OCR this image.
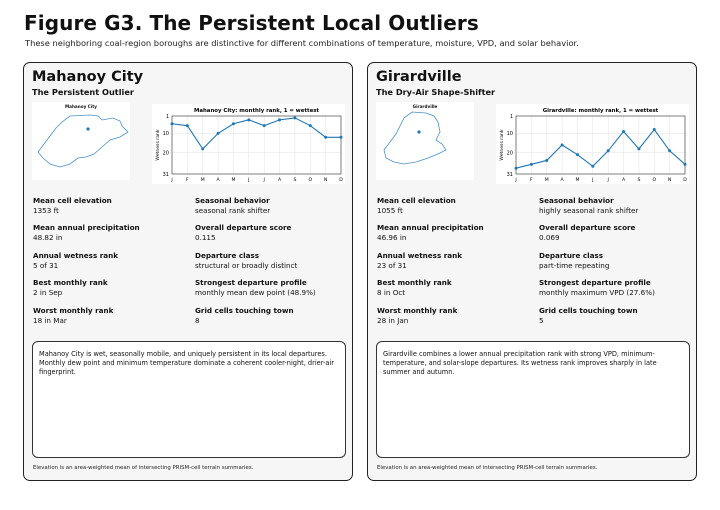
Figure G3. The Persistent Local Outliers
These neighboring coal-region boroughs are distinctive for different combinations of temperature, moisture, VPD, and solar behavior.
Mahanoy City
The Persistent Outlier
Mahanoy City
Mahanoy City: monthly rank, 1 = wettest
1
10
20
31
J	F	M	A	M	J	J	A	S	O	N	D
Wetness rank
Mean cell elevation
1353 ft
Seasonal behavior
seasonal rank shifter
Mean annual precipitation
48.82 in
Overall departure score
0.115
Annual wetness rank
5 of 31
Departure class
structural or broadly distinct
Best monthly rank
2 in Sep
Strongest departure profile
monthly mean dew point (48.9%)
Worst monthly rank
18 in Mar
Grid cells touching town
8
Mahanoy City is wet, seasonally mobile, and uniquely persistent in its local departures. Monthly dew point and minimum temperature dominate a coherent cooler-night, drier-air fingerprint.
Elevation is an area-weighted mean of intersecting PRISM-cell terrain summaries.
Girardville
The Dry-Air Shape-Shifter
Girardville
Girardville: monthly rank, 1 = wettest
1
10
20
31
J	F	M	A	M	J	J	A	S	O	N	D
Wetness rank
Mean cell elevation
1055 ft
Seasonal behavior
highly seasonal rank shifter
Mean annual precipitation
46.96 in
Overall departure score
0.069
Annual wetness rank
23 of 31
Departure class
part-time repeating
Best monthly rank
8 in Oct
Strongest departure profile
monthly maximum VPD (27.6%)
Worst monthly rank
28 in Jan
Grid cells touching town
5
Girardville combines a lower annual precipitation rank with strong VPD, minimum-temperature, and solar-slope departures. Its wetness rank improves sharply in late summer and autumn.
Elevation is an area-weighted mean of intersecting PRISM-cell terrain summaries.
